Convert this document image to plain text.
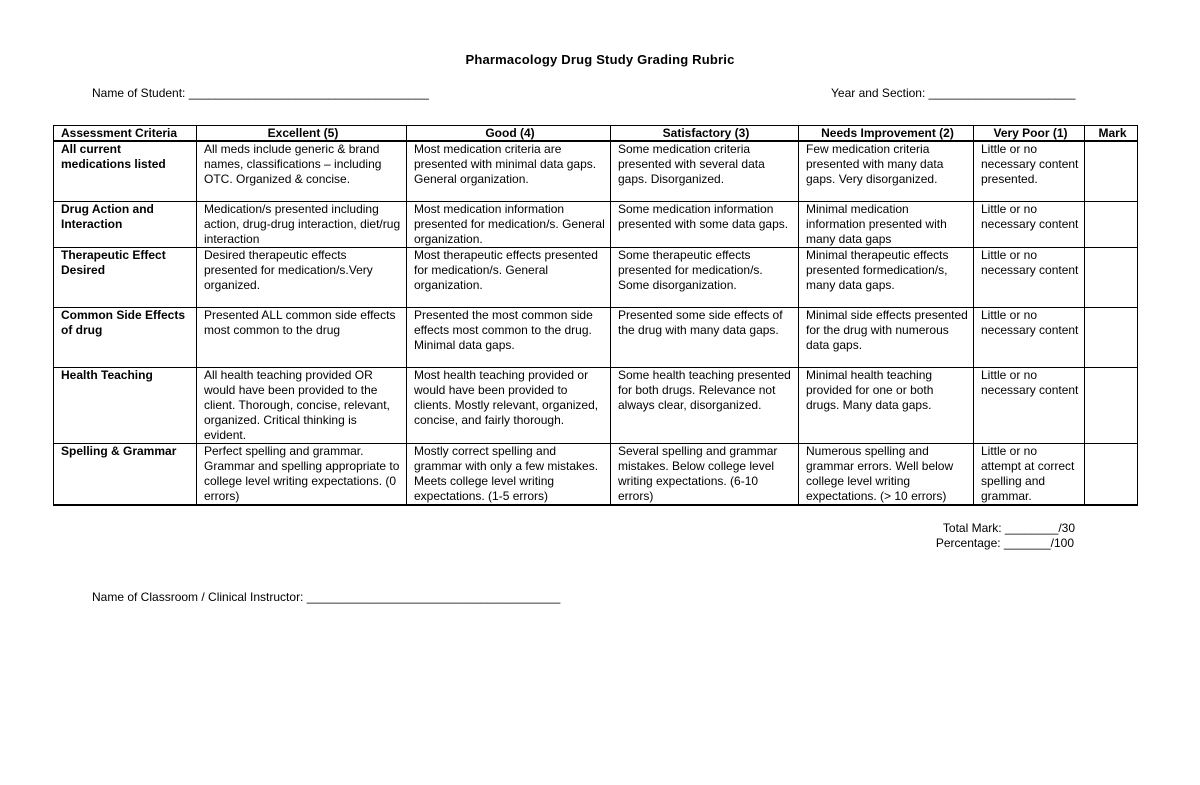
Pharmacology Drug Study Grading Rubric
Name of Student: ____________________________________	Year and Section: ______________________
Assessment Criteria	Excellent (5)	Good (4)	Satisfactory (3)	Needs Improvement (2)	Very Poor (1)	Mark
All current medications listed	All meds include generic & brand names, classifications – including OTC. Organized & concise.	Most medication criteria are presented with minimal data gaps. General organization.	Some medication criteria presented with several data gaps. Disorganized.	Few medication criteria presented with many data gaps. Very disorganized.	Little or no necessary content presented.	
Drug Action and Interaction	Medication/s presented including action, drug-drug interaction, diet/rug interaction	Most medication information presented for medication/s. General organization.	Some medication information presented with some data gaps.	Minimal medication information presented with many data gaps	Little or no necessary content	
Therapeutic Effect Desired	Desired therapeutic effects presented for medication/s.Very organized.	Most therapeutic effects presented for medication/s. General organization.	Some therapeutic effects presented for medication/s. Some disorganization.	Minimal therapeutic effects presented formedication/s, many data gaps.	Little or no necessary content	
Common Side Effects of drug	Presented ALL common side effects most common to the drug	Presented the most common side effects most common to the drug. Minimal data gaps.	Presented some side effects of the drug with many data gaps.	Minimal side effects presented for the drug with numerous data gaps.	Little or no necessary content	
Health Teaching	All health teaching provided OR would have been provided to the client. Thorough, concise, relevant, organized. Critical thinking is evident.	Most health teaching provided or would have been provided to clients. Mostly relevant, organized, concise, and fairly thorough.	Some health teaching presented for both drugs. Relevance not always clear, disorganized.	Minimal health teaching provided for one or both drugs. Many data gaps.	Little or no necessary content	
Spelling & Grammar	Perfect spelling and grammar. Grammar and spelling appropriate to college level writing expectations. (0 errors)	Mostly correct spelling and grammar with only a few mistakes. Meets college level writing expectations. (1-5 errors)	Several spelling and grammar mistakes. Below college level writing expectations. (6-10 errors)	Numerous spelling and grammar errors. Well below college level writing expectations. (> 10 errors)	Little or no attempt at correct spelling and grammar.	
Total Mark: ________/30
Percentage: _______/100
Name of Classroom / Clinical Instructor: ______________________________________
